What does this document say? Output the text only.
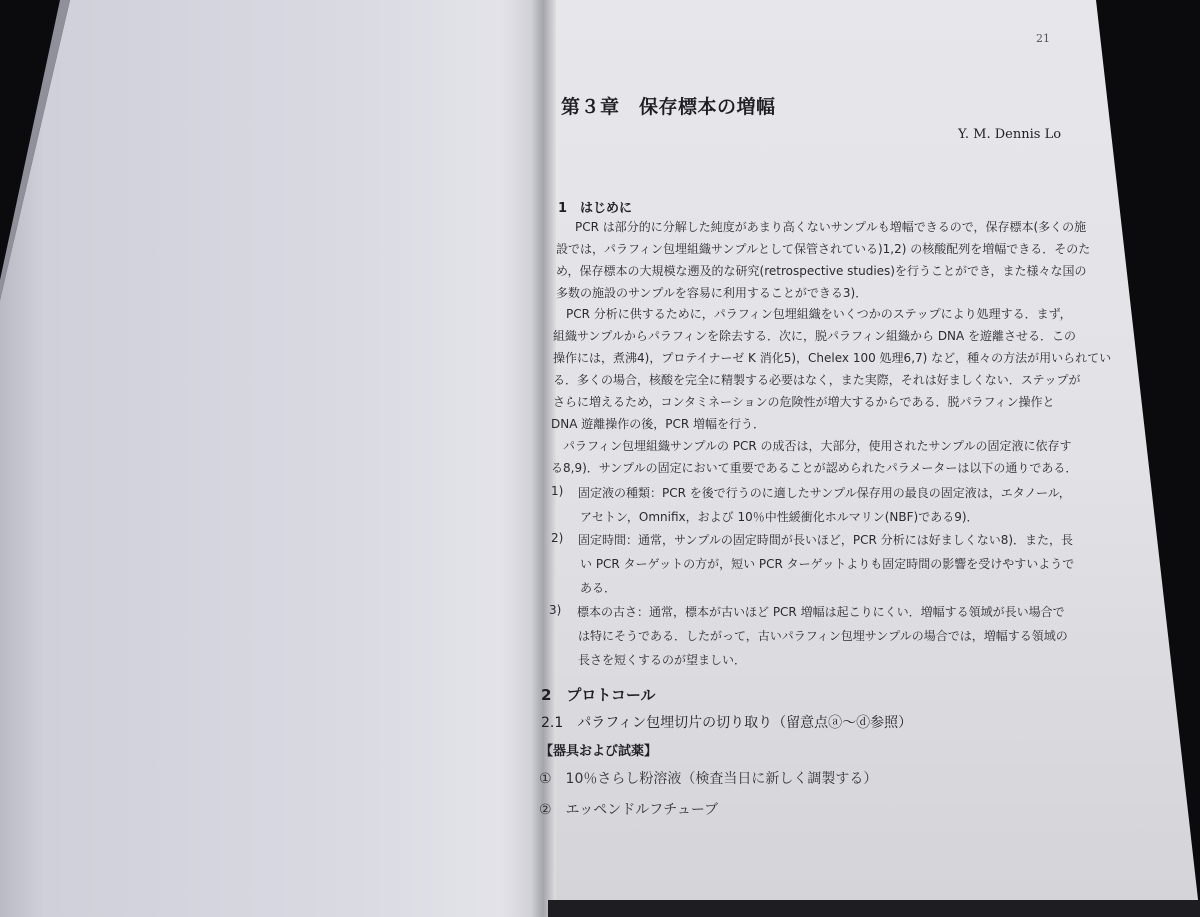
21
第３章　保存標本の増幅
Y. M. Dennis Lo
1　はじめに
PCR は部分的に分解した純度があまり高くないサンプルも増幅できるので，保存標本(多くの施
設では，パラフィン包埋組織サンプルとして保管されている)1,2) の核酸配列を増幅できる．そのた
め，保存標本の大規模な遡及的な研究(retrospective studies)を行うことができ，また様々な国の
多数の施設のサンプルを容易に利用することができる3)．
PCR 分析に供するために，パラフィン包埋組織をいくつかのステップにより処理する．まず，
組織サンプルからパラフィンを除去する．次に，脱パラフィン組織から DNA を遊離させる．この
操作には，煮沸4)，プロテイナーゼ K 消化5)，Chelex 100 処理6,7) など，種々の方法が用いられてい
る．多くの場合，核酸を完全に精製する必要はなく，また実際，それは好ましくない．ステップが
さらに増えるため，コンタミネーションの危険性が増大するからである．脱パラフィン操作と
DNA 遊離操作の後，PCR 増幅を行う．
パラフィン包埋組織サンプルの PCR の成否は，大部分，使用されたサンプルの固定液に依存す
る8,9)．サンプルの固定において重要であることが認められたパラメーターは以下の通りである．
1) 固定液の種類：PCR を後で行うのに適したサンプル保存用の最良の固定液は，エタノール，
アセトン，Omnifix，および 10％中性緩衝化ホルマリン(NBF)である9)．
2) 固定時間：通常，サンプルの固定時間が長いほど，PCR 分析には好ましくない8)．また，長
い PCR ターゲットの方が，短い PCR ターゲットよりも固定時間の影響を受けやすいようで
ある．
3) 標本の古さ：通常，標本が古いほど PCR 増幅は起こりにくい．増幅する領域が長い場合で
は特にそうである．したがって，古いパラフィン包埋サンプルの場合では，増幅する領域の
長さを短くするのが望ましい．
2　プロトコール
2.1　パラフィン包埋切片の切り取り（留意点ⓐ〜ⓓ参照）
【器具および試薬】
①　10％さらし粉溶液（検査当日に新しく調製する）
②　エッペンドルフチューブ
